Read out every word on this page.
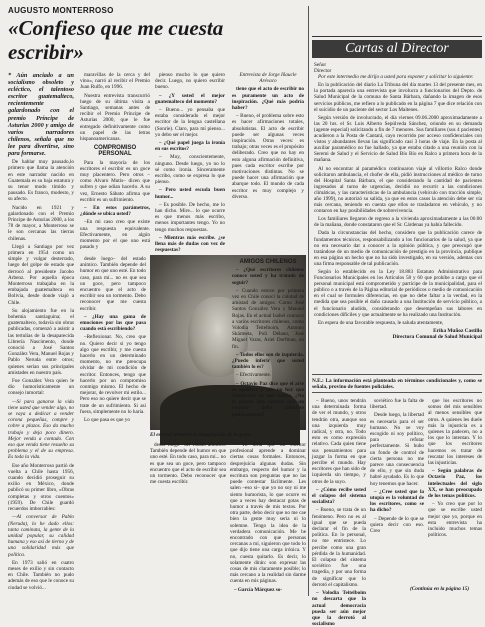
AUGUSTO MONTERROSO
«Confieso que me cuesta escribir»

* Aún anciado a un socialismo obsoleto y ecléctico, el talentoso escritor guatemalteco, recientemente galardonado con el premio Príncipe de Asturias 2000 y amigo de varios narradores chilenos, señala que no lee para divertirse, sino para formarse.

De hablar muy pausado,lo primero que llama la atención en este narrador nacido en Guatemala es su baja estatura y su tenor modo tímido y pausado. Es franco, modesto, y su afecto.

Nacido en 1921 y galardonado con el Premio Príncipe de Asturias 2000, a los 78 de mayor, a Monterroso se le son cercanas las tierras chilenas.

Llegó a Santiago por vez primera en 1954 como un simple y vulgar desterrado, luego del golpe de estado que derrocó al presidente Jacobo Arbenz. Por aquella época Monterroso trabajaba en la embajada guatemalteca en Bolivia, desde donde viajó a Chile.

Su alojamiento fue en la bohemia santiaguina; el guatemalteco, todavía sin obras publicadas, comenzó a asistir a las tertulias de la desaparecida Librería Nascimento, donde conoció a José Santos González Vera, Manuel Rojas y Pablo Neruda entre otros; quienes serían sus principales amistades en nuestro país.

Fue González Vera quien le dio humorísticamente un consejo inmortal:

—Si para ganarse la vida tiene usted que vender algo, no se vaya a dedicar a vender corona pequeñas, compre y cobre a plazos. Eso da mucho trabajo y deja poco dinero. Mejor venda a contado. Con eso que venda tiene resuelto su problema y el de su empresa. Es toda la vida.

Ese año Monterroso partió de vuelta a Chile hasta 1956, cuando decidió proseguir su exilio en México, donde publicó su primer libro, «Obras completas y otros cuentos» (1959). De Chile guardó recuerdos imborrables:

—Al conversar de Pablo (Neruda), lo he dado ellos: tanta caminata, la gente de la unidad popular, su calidad humana y eso así de tierno y de una solidaridad más que política.

En 1973 salió en cuatro meses de exilio y sin contacto en Chile. También no pudo además de eso que le conoce su ciudad se volvió...

maravillas de la cerca y del vino», narró al recibir el Premio Juan Rulfo, en 1996.

Nuestra entrevista transcurrió luego de su última visita a Santiago, semanas antes de recibir el Premio Príncipe de Asturias 2000, que le fue entregado definitivamente como un papel de las letras hispanoamericanas.

COMPROMISO PERSONAL

Para la mayoría de los escritores el escribir es un goce muy placentero. Pero otros –como Alvaro Mutis– dicen que sufren y que odian hacerlo. A su vez, Ernesto Sábato afirma que escribir es un sufrimiento.

– En estos parámetros, ¿dónde se ubica usted?

–En mi caso creo que existe una respuesta equivalente. Efectivamente, en algún momento por el que uno está pasado y

pienso mucho lo que quiero decir. Luego, no quiero escribir bueno.

– ¿Y usted el mejor guatemalteco del momento?

– Bueno... yo pensaba que estaba considerado el mejor escritor de la lengua castellana (Sonríe). Claro, para mí pienso... yo debo ser el mejor.

– ¿Qué papel juega la ironía en sus escritos?

– Muy, conscientemente, ninguno. Desde luego, yo no lo sé como ironía. Sinceramente escribo, como se expresa lo que pienso.

– Pero usted escuda buen humor...

– Es posible. De hecho, me lo han dicho. Mire... lo que ocurre es que menos más escribo, menos importantes tengo. Yo no tengo muchos respuestas.

– Mientras más escribe. ¿se llena más de dudas con vez de respuestas?

Entrevista de Jorge Iñaucle Arévaco

tiene que el acto de escribir no es puramente un acto de inspiración. ¿Qué más podría haber?

– Bueno, el problema sobre esto es hacer afirmaciones totales, absolutistas. El acto de escribir puede ser algunas veces inspiración. Otras veces: es trabajo; otras veces es el propósito deliberado. Creo que no hay en esto alguna afirmación definitiva, pues cada escritor escribe por motivaciones distintas. No se puede hacer una afirmación que abarque todo. El mundo de cada escritor es muy complejo y diverso.

El escritor alimentó la imaginación de la gente.

desde luego– del estado anímico. También depende del humor en que uno esté. En todo caso, para mí... no es que sea un goce, pero tampoco encuentro que el acto de escribir sea un tormento. Debo reconocer que me cuesta escribir.

– ¿Hay una gama de emociones por las que pasa cuando está escribiendo?

–Reflexionar. No, creo que no. Quiero decir si yo tengo algo que escribir, y me cuesta hacerlo en un determinado momento, no me preocupa olvidar de mi condición de escritor. Entonces, tengo que hacerlo por un compromiso conmigo mismo. El hecho de mejorar, de revolver mi estilo... Pero eso no quiere decir que se trate de un sufrimiento. Si así fuera, simplemente no lo haría.

Lo que pasa es que yo

desde luego– del estado anímico. También depende del humor en que uno esté. En todo caso, para mí... no es que sea un goce, pero tampoco encuentro que el acto de escribir sea un tormento. Debo reconocer que me cuesta escribir.

– Yo diría que un escritor profesional aprende a dominar ciertas cosas formales. Entonces, desprejuicia algunas dudas. Sin embargo, respecto del humor y la escritura son preguntas que no las puede contestar fácilmente. Les salen –eso sí– que yo no soy ni me siento humorista, lo que ocurre es que a veces hay destacar gotas de humor a través de mis textos. Por otra parte, debo decir que no me cae bien la gente muy seria ni lo solemne. Tengo la idea de la verdadera comunicación. Me he encontrado con que personas cercanas a mí, siguieron que todo lo que dijo tiene una carga irónica. Y no, cuesta quitarlo. Es decir, lo solamente dirán: son expresar las cosas de mis claramente posible; lo más cercano a la realidad sin darme cuenta en mis páginas.

– García Márquez so-

Cartas al Director
Señor
Director

Por este intermedio me dirijo a usted para exponer y solicitar lo siguiente:

En la publicación del diario La Tribuna del día martes 13 del presente mes, en la portada aparecía una entrevista que involucra a funcionarios del Depto. de Salud Municipal de la comuna de Santa Bárbara, dañando la imagen de esos servicios públicos, me refiero a lo publicado en la página 7 que dice relación con el suicidio de un paciente del sector Los Maitenes.

Según versión de involucrado, el día viernes 09.06.2000 aproximadamente a las 20 hrs. el Sr. Luis Alberto Sepúlveda Sánchez, oriundo en su demanda (agente especial) solicitando a fin de 7 menores. Sus familiares (sus 4 pacientes) acudieron a la Posta de Cantará, cayo recorrido por acceso confidenciales con vistos y abundantes llevan las significado casi 3 horas de viaje. En la posta al auxiliar paramédico no fue hallado, ya que estaba citado a una reunión con la Seremi de Salud y el Servicio de Salud Bío Bío en Ralco a primera hora de la mañana.

Al no encontrar al paramédico continuaron viaje al villorrio Ralco donde solicitaron ambulancia, el chofer de ella, pidió instrucciones al médico de turno del Hospital Santa Bárbara, el que considerando la cantidad de pacientes ingresados al turno de urgencias, decidió no recurrir a las condiciones climáticas, y las características de la ambulancia (vehículo con tracción simple, año 1999), no autorizó su salida, ya que en estos casos la atención debe ser vía más cercana, teniendo en cuenta que ellos se trasladaron en vehículo, y no contaron en hay posibilidades de sobrevivencia.

Los familiares llegaron de regreso a la vivienda aproximadamente a las 06:00 de la mañana, donde constataron que el Sr. Cárdenas ya había fallecido.

Dada la circunstancias del hecho, considero que la publicación carece de fundamentos técnicos, responsabilizando a los funcionarios de la salud, ya que no era necesario dar a conocer a la opinión pública, y que preocupó que tratándose de un medio de comunicación de prestigio en la provincia, publique en esa página un hecho que no ha sido investigado, en su versión, ademas con una firma responsable de tal publicación.

Según lo establecido en la Ley 18.883 Estatuto Administrativo para Funcionarios Municipales en los Artículos 58 y 60 que prohíbe a cargo que el personal municipal está comprometido y partícipe de la municipalidad, para el público o a través de la Página editorial de periódicos o medio de comunicación en el cual se formulen diferencias, en que no debe faltar a la verdad, en la medida que sea posible el daño causado a una Institución de servicio público, a el funcionario aludido, considerando que desempeñan sus labores en condiciones difíciles y que actualmente se ha realizado una Institución.

En espera de una favorable respuesta, le saluda atentamente,

Erika Muñoz Castillo
Directora Comunal de Salud Municipal
N.E.: La información está planteada en términos condicionales y, como se señala, provino de fuentes policiales.
AMIGOS CHILENOS

– ¿Qué escritores chilenos conoce usted y ha tratado de seguir?

– Cuando estuve por primera vez en Chile conocí la calidad de amistad de amigos. Como José Santos González Vera y Manuel Rojas. En el actual Isabel conozco a varios escritores chilenos, como Volodia Teitelboim, Antonio Skármeta, Poli Délano, José Miguel Varas, Ariel Dorfman, en fin.

– Todos ellos son de izquierda. ¿Puedo inferir que usted también lo es?

– Efectivamente.

– Octavio Paz dice que el arte es apolítico y que no hay que clasificarlo en una tienda. ¿No le parece una tontera que un escritor deba definirse políticamente?

– Bueno, unos tendrán una determinada forma de ver el mundo, y otros tendrán otra, aunque sea una izquierda muy radical, y otra, no. Todo esto es como expresión relativo. Cada quien tiene sus pensamientos para juzgar la forma en que percibe el mundo. Hay escritores que han sido de izquierda sin tiempo, y otros de la suyo.

– ¿Cómo recibe usted el colapso del sistema socialista?

– Bueno, se trata de un fenómeno. Pero no es al igual que se pueda declarar el fin de la política. En lo personal, no me entristece. Lo percibe como una gran pérdida de la humanidad. El colapso del sistema soviético fue una tragedia, y por una forma de significar que lo derrotó el capitalismo.

– Volodia Teitelboim no descarta que la actual democracia pueda ser aún mejor que la derrotó al socialismo

soviético fue la falta de libertad.

Desde luego, la libertad es necesaria para el ser humano. No se voy escogido ni soy político, para refutar perfectamente. Si hubo un fondo de control de cierta persona no me parece una consecuencia de ello, y que sin duda habré ayudado. Es lo que hoy tenemos que hacer.

– ¿Cree usted que la utopía es la voluntad de los escritores, como se ha dicho?

– Depende de lo que se quiera decir con eso. Creo

que los escritores no somos del mis sensibles al menos sensibles que otros. A quienes les duele más la injusticia es a quienes la padecen, no a los que lo intentan. Y lo que los escritores hacemos es tratar de rescatar los intereses de las injusticias.

– Según palabras de Octavio Paz, los intelectuales del siglo XX, se han preocupado de los temas políticos.

– Yo creo que por lo que se escribe usted mejor que yo, porque en esta entrevista ha incluido muchos temas políticos.

(Continúa en la página 15)
